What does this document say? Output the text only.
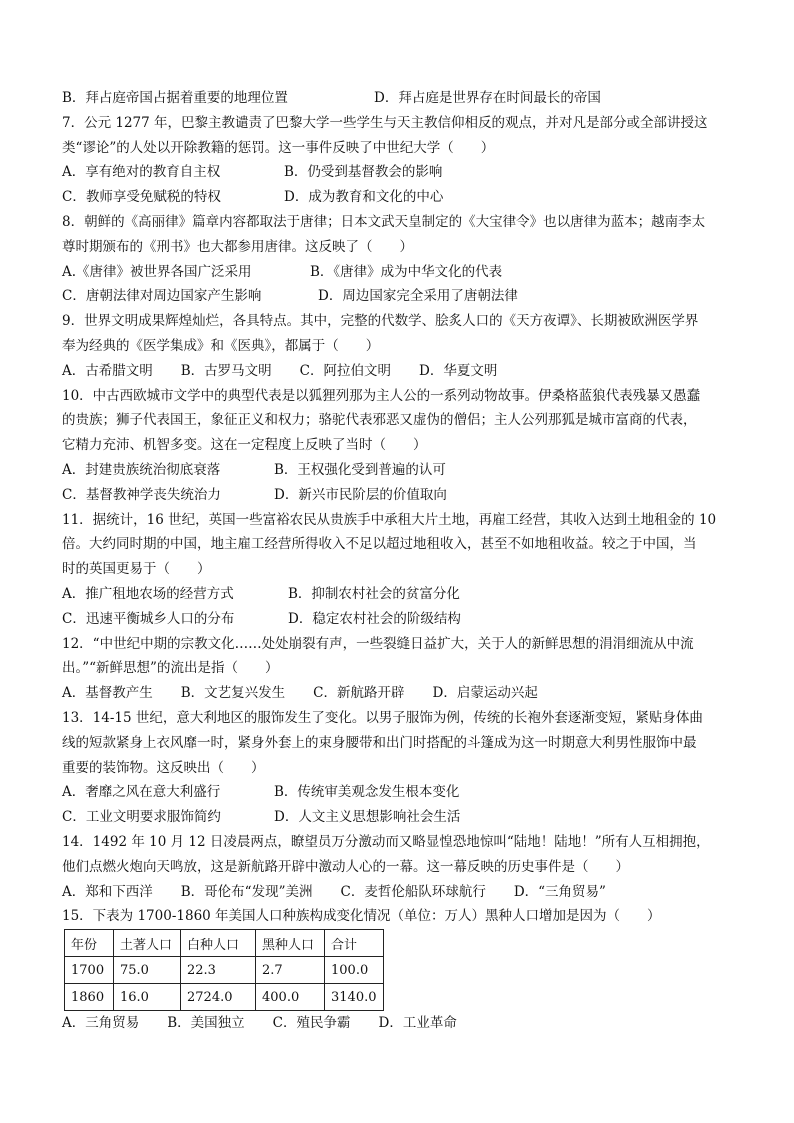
B．拜占庭帝国占据着重要的地理位置	D．拜占庭是世界存在时间最长的帝国
7．公元 1277 年，巴黎主教谴责了巴黎大学一些学生与天主教信仰相反的观点，并对凡是部分或全部讲授这
类“谬论”的人处以开除教籍的惩罚。这一事件反映了中世纪大学（　　）
A．享有绝对的教育自主权	B．仍受到基督教会的影响
C．教师享受免赋税的特权	D．成为教育和文化的中心
8．朝鲜的《高丽律》篇章内容都取法于唐律；日本文武天皇制定的《大宝律令》也以唐律为蓝本；越南李太
尊时期颁布的《刑书》也大都参用唐律。这反映了（　　）
A.《唐律》被世界各国广泛采用	B．《唐律》成为中华文化的代表
C．唐朝法律对周边国家产生影响	D．周边国家完全采用了唐朝法律
9．世界文明成果辉煌灿烂，各具特点。其中，完整的代数学、脍炙人口的《天方夜谭》、长期被欧洲医学界
奉为经典的《医学集成》和《医典》，都属于（　　）
A．古希腊文明 B．古罗马文明 C．阿拉伯文明 D．华夏文明
10．中古西欧城市文学中的典型代表是以狐狸列那为主人公的一系列动物故事。伊桑格蓝狼代表残暴又愚蠢
的贵族；狮子代表国王，象征正义和权力；骆驼代表邪恶又虚伪的僧侣；主人公列那狐是城市富商的代表，
它精力充沛、机智多变。这在一定程度上反映了当时（　　）
A．封建贵族统治彻底衰落	B．王权强化受到普遍的认可
C．基督教神学丧失统治力	D．新兴市民阶层的价值取向
11．据统计，16 世纪，英国一些富裕农民从贵族手中承租大片土地，再雇工经营，其收入达到土地租金的 10
倍。大约同时期的中国，地主雇工经营所得收入不足以超过地租收入，甚至不如地租收益。较之于中国，当
时的英国更易于（　　）
A．推广租地农场的经营方式	B．抑制农村社会的贫富分化
C．迅速平衡城乡人口的分布	D．稳定农村社会的阶级结构
12．“中世纪中期的宗教文化……处处崩裂有声，一些裂缝日益扩大，关于人的新鲜思想的涓涓细流从中流
出。”“新鲜思想”的流出是指（　　）
A．基督教产生 B．文艺复兴发生 C．新航路开辟 D．启蒙运动兴起
13．14-15 世纪，意大利地区的服饰发生了变化。以男子服饰为例，传统的长袍外套逐渐变短，紧贴身体曲
线的短款紧身上衣风靡一时，紧身外套上的束身腰带和出门时搭配的斗篷成为这一时期意大利男性服饰中最
重要的装饰物。这反映出（　　）
A．奢靡之风在意大利盛行	B．传统审美观念发生根本变化
C．工业文明要求服饰简约	D．人文主义思想影响社会生活
14．1492 年 10 月 12 日凌晨两点，瞭望员万分激动而又略显惶恐地惊叫“陆地！陆地！”所有人互相拥抱，
他们点燃火炮向天鸣放，这是新航路开辟中激动人心的一幕。这一幕反映的历史事件是（　　）
A．郑和下西洋 B．哥伦布“发现”美洲 C．麦哲伦船队环球航行 D．“三角贸易”
15．下表为 1700-1860 年美国人口种族构成变化情况（单位：万人）黑种人口增加是因为（　　）
年份	土著人口	白种人口	黑种人口	合计
1700	75.0	22.3	2.7	100.0
1860	16.0	2724.0	400.0	3140.0
A．三角贸易 B．美国独立 C．殖民争霸 D．工业革命
